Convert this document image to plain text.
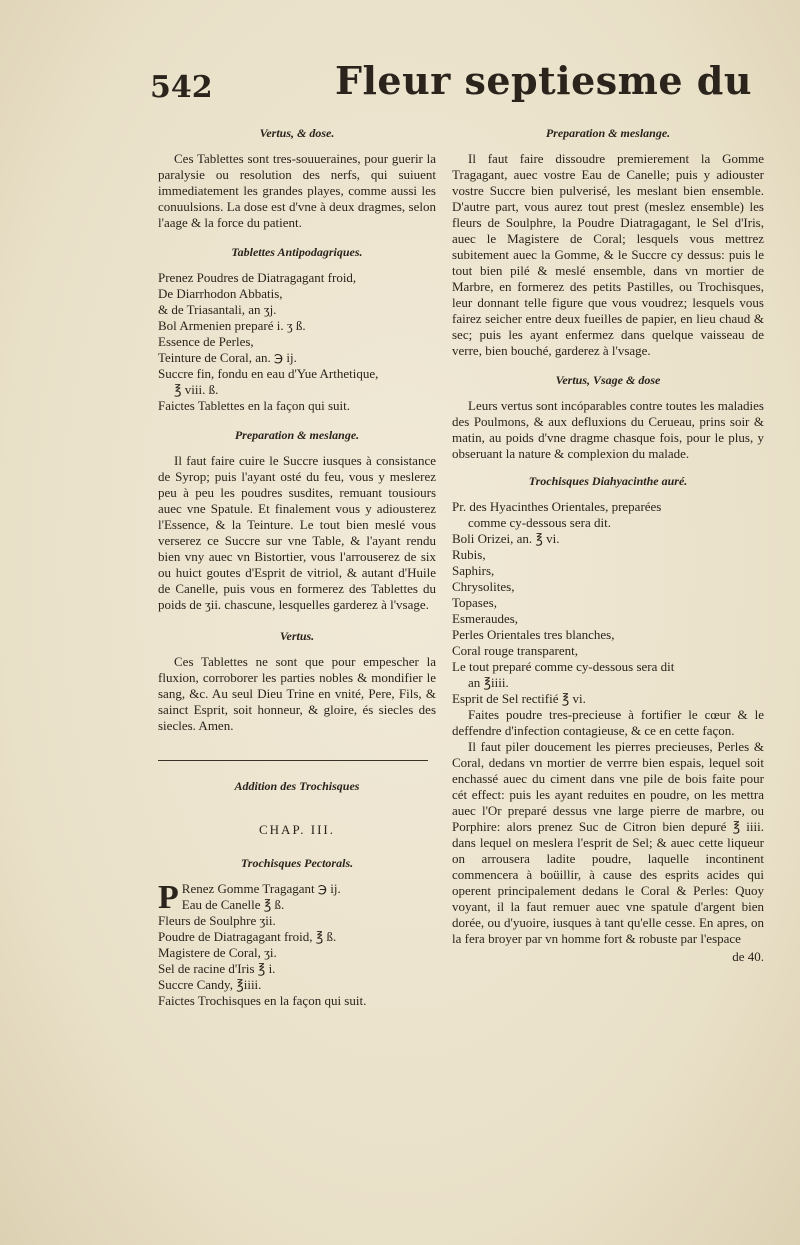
542	Fleur septiesme du
Vertus, & dose.

Ces Tablettes sont tres-souueraines, pour guerir la paralysie ou resolution des nerfs, qui suiuent immediatement les grandes playes, comme aussi les conuulsions. La dose est d'vne à deux dragmes, selon l'aage & la force du patient.

Tablettes Antipodagriques.

Prenez Poudres de Diatragagant froid,

De Diarrhodon Abbatis,

& de Triasantali, an ʒj.

Bol Armenien preparé i. ʒ ß.

Essence de Perles,

Teinture de Coral, an. ℈ ij.

Succre fin, fondu en eau d'Yue Arthetique,

℥ viii. ß.

Faictes Tablettes en la façon qui suit.

Preparation & meslange.

Il faut faire cuire le Succre iusques à consistance de Syrop; puis l'ayant osté du feu, vous y meslerez peu à peu les poudres susdites, remuant tousiours auec vne Spatule. Et finalement vous y adiousterez l'Essence, & la Teinture. Le tout bien meslé vous verserez ce Succre sur vne Table, & l'ayant rendu bien vny auec vn Bistortier, vous l'arrouserez de six ou huict goutes d'Esprit de vitriol, & autant d'Huile de Canelle, puis vous en formerez des Tablettes du poids de ʒii. chascune, lesquelles garderez à l'vsage.

Vertus.

Ces Tablettes ne sont que pour empescher la fluxion, corroborer les parties nobles & mondifier le sang, &c. Au seul Dieu Trine en vnité, Pere, Fils, & sainct Esprit, soit honneur, & gloire, és siecles des siecles. Amen.

Addition des Trochisques
CHAP. III.
Trochisques Pectorals.
P Renez Gomme Tragagant ℈ ij.

Eau de Canelle ℥ ß.

Fleurs de Soulphre ʒii.

Poudre de Diatragagant froid, ℥ ß.

Magistere de Coral, ʒi.

Sel de racine d'Iris ℥ i.

Succre Candy, ℥iiii.

Faictes Trochisques en la façon qui suit.

Preparation & meslange.

Il faut faire dissoudre premierement la Gomme Tragagant, auec vostre Eau de Canelle; puis y adiouster vostre Succre bien pulverisé, les meslant bien ensemble. D'autre part, vous aurez tout prest (meslez ensemble) les fleurs de Soulphre, la Poudre Diatragagant, le Sel d'Iris, auec le Magistere de Coral; lesquels vous mettrez subitement auec la Gomme, & le Succre cy dessus: puis le tout bien pilé & meslé ensemble, dans vn mortier de Marbre, en formerez des petits Pastilles, ou Trochisques, leur donnant telle figure que vous voudrez; lesquels vous fairez seicher entre deux fueilles de papier, en lieu chaud & sec; puis les ayant enfermez dans quelque vaisseau de verre, bien bouché, garderez à l'vsage.

Vertus, Vsage & dose

Leurs vertus sont incóparables contre toutes les maladies des Poulmons, & aux defluxions du Cerueau, prins soir & matin, au poids d'vne dragme chasque fois, pour le plus, y obseruant la nature & complexion du malade.

Trochisques Diahyacinthe auré.

Pr. des Hyacinthes Orientales, preparées

comme cy-dessous sera dit.

Boli Orizei, an. ℥ vi.

Rubis,

Saphirs,

Chrysolites,

Topases,

Esmeraudes,

Perles Orientales tres blanches,

Coral rouge transparent,

Le tout preparé comme cy-dessous sera dit

an ℥iiii.

Esprit de Sel rectifié ℥ vi.

Faites poudre tres-precieuse à fortifier le cœur & le deffendre d'infection contagieuse, & ce en cette façon.

Il faut piler doucement les pierres precieuses, Perles & Coral, dedans vn mortier de verrre bien espais, lequel soit enchassé auec du ciment dans vne pile de bois faite pour cét effect: puis les ayant reduites en poudre, on les mettra auec l'Or preparé dessus vne large pierre de marbre, ou Porphire: alors prenez Suc de Citron bien depuré ℥ iiii. dans lequel on meslera l'esprit de Sel; & auec cette liqueur on arrousera ladite poudre, laquelle incontinent commencera à boüillir, à cause des esprits acides qui operent principalement dedans le Coral & Perles: Quoy voyant, il la faut remuer auec vne spatule d'argent bien dorée, ou d'yuoire, iusques à tant qu'elle cesse. En apres, on la fera broyer par vn homme fort & robuste par l'espace

de 40.
